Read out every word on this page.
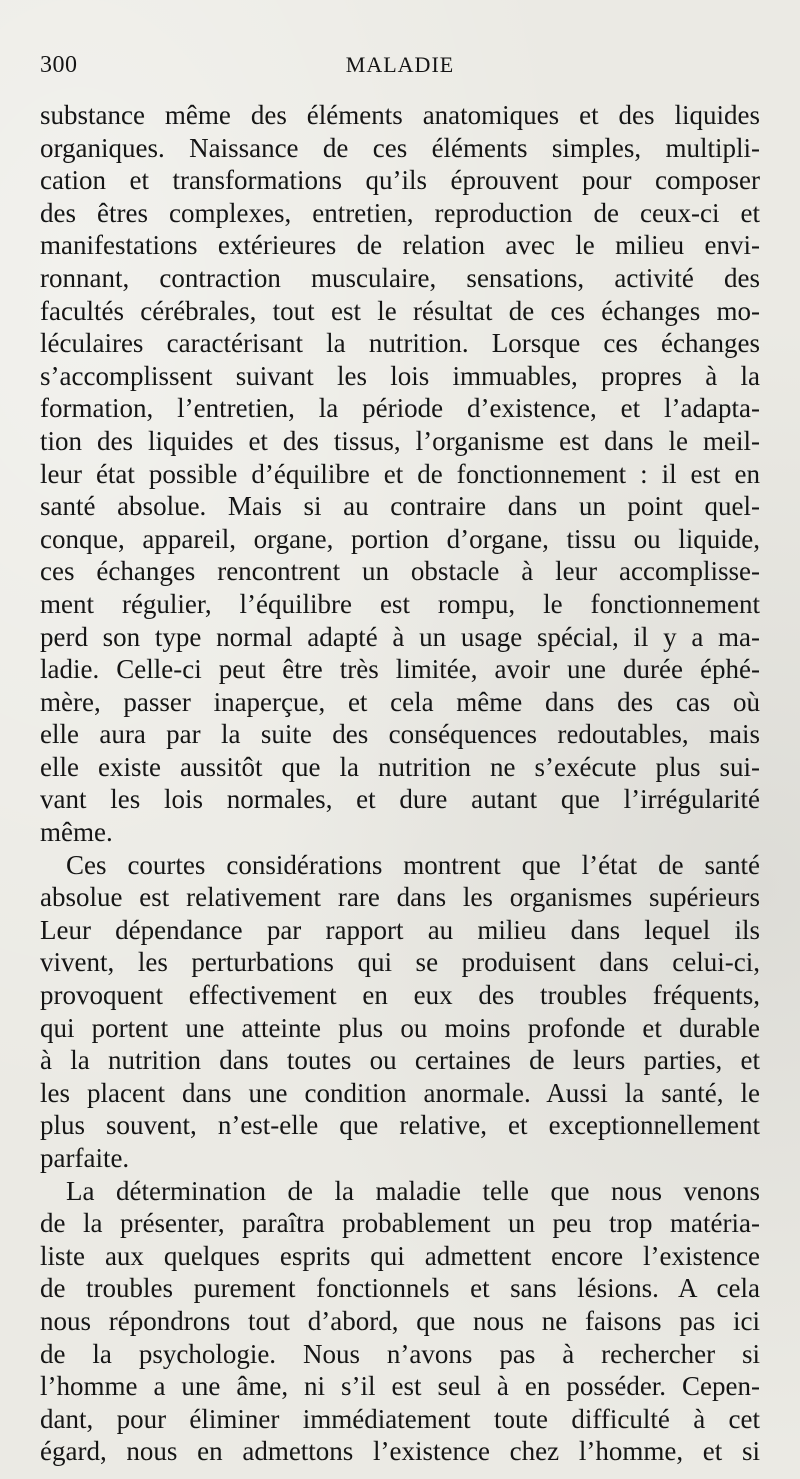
300	MALADIE
substance même des éléments anatomiques et des liquides
organiques. Naissance de ces éléments simples, multipli-
cation et transformations qu’ils éprouvent pour composer
des êtres complexes, entretien, reproduction de ceux-ci et
manifestations extérieures de relation avec le milieu envi-
ronnant, contraction musculaire, sensations, activité des
facultés cérébrales, tout est le résultat de ces échanges mo-
léculaires caractérisant la nutrition. Lorsque ces échanges
s’accomplissent suivant les lois immuables, propres à la
formation, l’entretien, la période d’existence, et l’adapta-
tion des liquides et des tissus, l’organisme est dans le meil-
leur état possible d’équilibre et de fonctionnement : il est en
santé absolue. Mais si au contraire dans un point quel-
conque, appareil, organe, portion d’organe, tissu ou liquide,
ces échanges rencontrent un obstacle à leur accomplisse-
ment régulier, l’équilibre est rompu, le fonctionnement
perd son type normal adapté à un usage spécial, il y a ma-
ladie. Celle-ci peut être très limitée, avoir une durée éphé-
mère, passer inaperçue, et cela même dans des cas où
elle aura par la suite des conséquences redoutables, mais
elle existe aussitôt que la nutrition ne s’exécute plus sui-
vant les lois normales, et dure autant que l’irrégularité
même.
Ces courtes considérations montrent que l’état de santé
absolue est relativement rare dans les organismes supérieurs
Leur dépendance par rapport au milieu dans lequel ils
vivent, les perturbations qui se produisent dans celui-ci,
provoquent effectivement en eux des troubles fréquents,
qui portent une atteinte plus ou moins profonde et durable
à la nutrition dans toutes ou certaines de leurs parties, et
les placent dans une condition anormale. Aussi la santé, le
plus souvent, n’est-elle que relative, et exceptionnellement
parfaite.
La détermination de la maladie telle que nous venons
de la présenter, paraîtra probablement un peu trop matéria-
liste aux quelques esprits qui admettent encore l’existence
de troubles purement fonctionnels et sans lésions. A cela
nous répondrons tout d’abord, que nous ne faisons pas ici
de la psychologie. Nous n’avons pas à rechercher si
l’homme a une âme, ni s’il est seul à en posséder. Cepen-
dant, pour éliminer immédiatement toute difficulté à cet
égard, nous en admettons l’existence chez l’homme, et si
